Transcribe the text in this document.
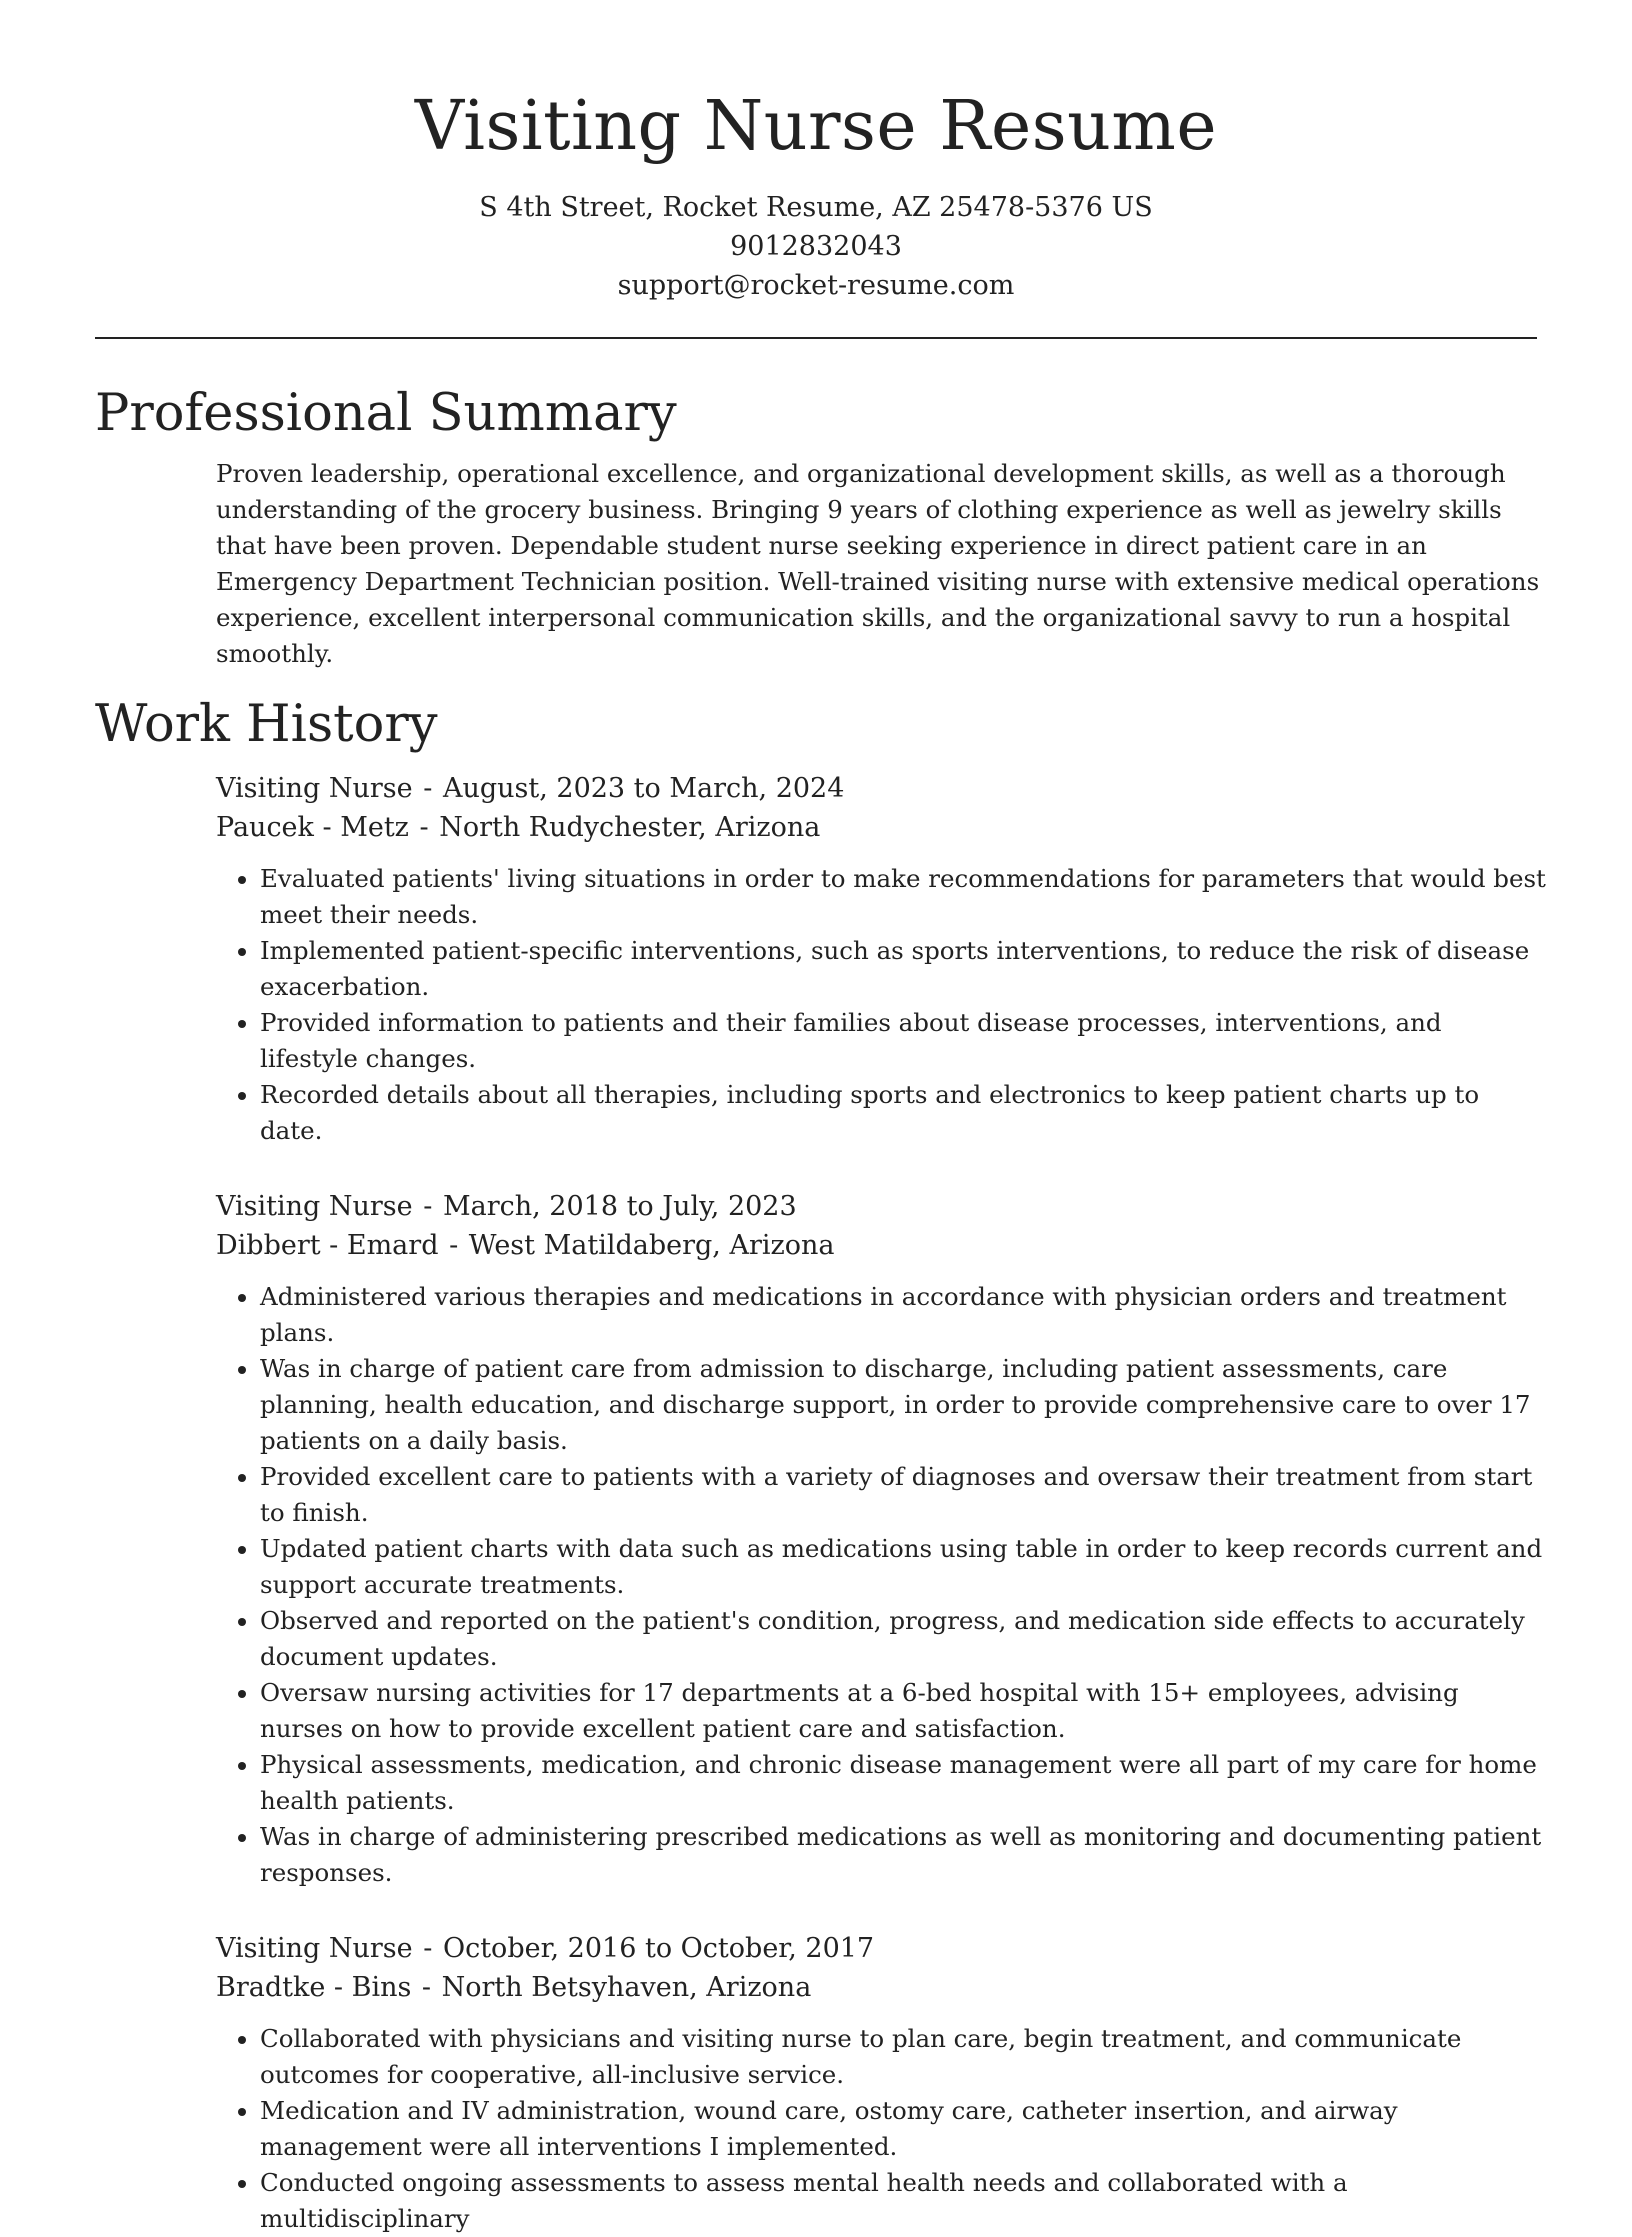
Visiting Nurse Resume
S 4th Street, Rocket Resume, AZ 25478-5376 US
9012832043
support@rocket-resume.com
Professional Summary

Proven leadership, operational excellence, and organizational development skills, as well as a thorough understanding of the grocery business. Bringing 9 years of clothing experience as well as jewelry skills that have been proven. Dependable student nurse seeking experience in direct patient care in an Emergency Department Technician position. Well-trained visiting nurse with extensive medical operations experience, excellent interpersonal communication skills, and the organizational savvy to run a hospital smoothly.

Work History
Visiting Nurse - August, 2023 to March, 2024
Paucek - Metz - North Rudychester, Arizona
• Evaluated patients' living situations in order to make recommendations for parameters that would best meet their needs.
• Implemented patient-specific interventions, such as sports interventions, to reduce the risk of disease exacerbation.
• Provided information to patients and their families about disease processes, interventions, and lifestyle changes.
• Recorded details about all therapies, including sports and electronics to keep patient charts up to date.
Visiting Nurse - March, 2018 to July, 2023
Dibbert - Emard - West Matildaberg, Arizona
• Administered various therapies and medications in accordance with physician orders and treatment plans.
• Was in charge of patient care from admission to discharge, including patient assessments, care planning, health education, and discharge support, in order to provide comprehensive care to over 17 patients on a daily basis.
• Provided excellent care to patients with a variety of diagnoses and oversaw their treatment from start to finish.
• Updated patient charts with data such as medications using table in order to keep records current and support accurate treatments.
• Observed and reported on the patient's condition, progress, and medication side effects to accurately document updates.
• Oversaw nursing activities for 17 departments at a 6-bed hospital with 15+ employees, advising nurses on how to provide excellent patient care and satisfaction.
• Physical assessments, medication, and chronic disease management were all part of my care for home health patients.
• Was in charge of administering prescribed medications as well as monitoring and documenting patient responses.
Visiting Nurse - October, 2016 to October, 2017
Bradtke - Bins - North Betsyhaven, Arizona
• Collaborated with physicians and visiting nurse to plan care, begin treatment, and communicate outcomes for cooperative, all-inclusive service.
• Medication and IV administration, wound care, ostomy care, catheter insertion, and airway management were all interventions I implemented.
• Conducted ongoing assessments to assess mental health needs and collaborated with a multidisciplinary
